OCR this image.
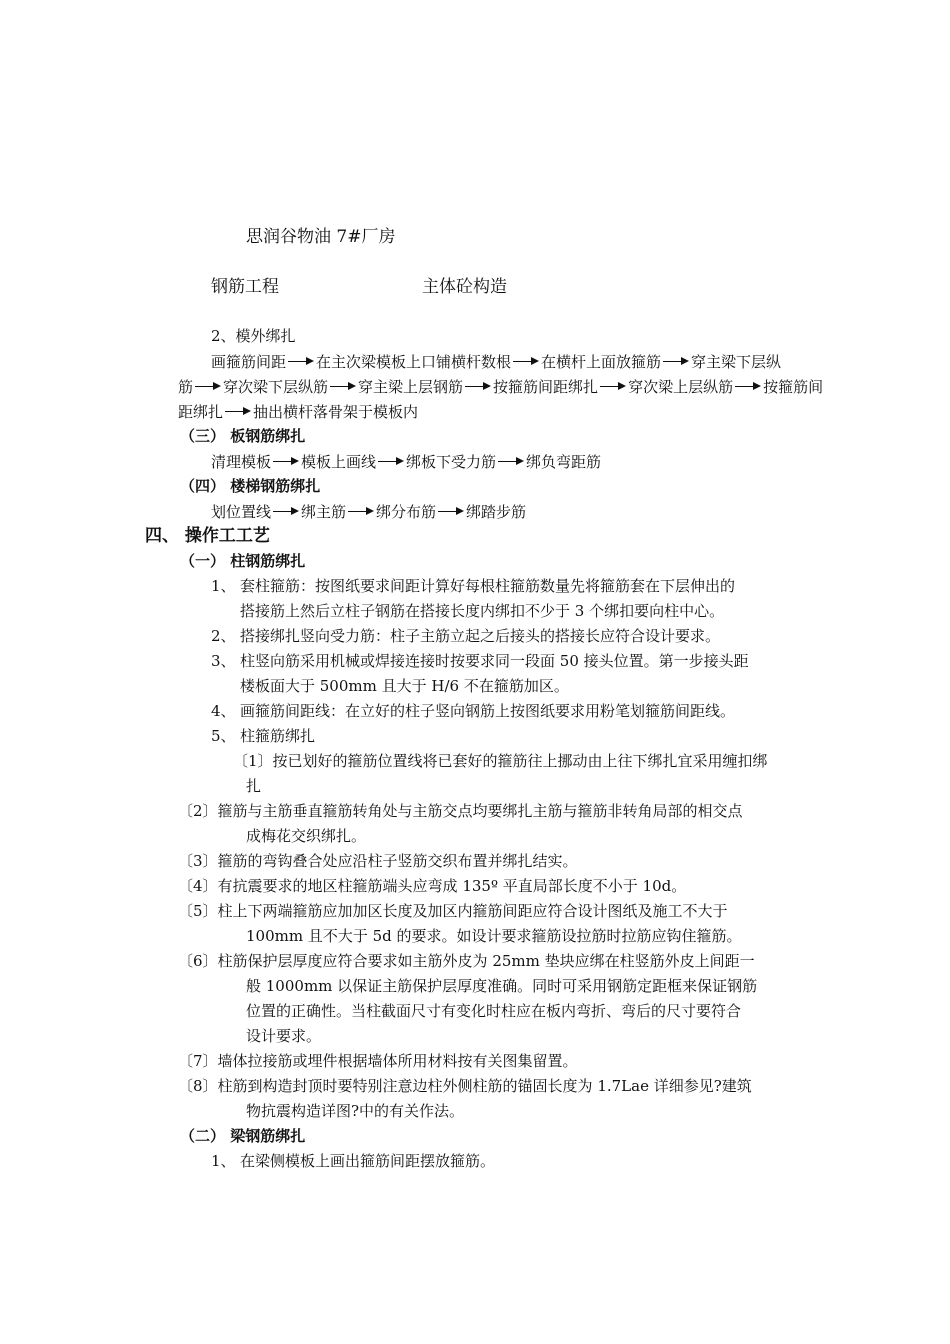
思润谷物油 7#厂房
钢筋工程	主体砼构造
2、模外绑扎
画箍筋间距 在主次梁模板上口铺横杆数根 在横杆上面放箍筋 穿主梁下层纵
筋 穿次梁下层纵筋 穿主梁上层钢筋 按箍筋间距绑扎 穿次梁上层纵筋 按箍筋间
距绑扎 抽出横杆落骨架于模板内
（三） 板钢筋绑扎
清理模板 模板上画线 绑板下受力筋 绑负弯距筋
（四） 楼梯钢筋绑扎
划位置线 绑主筋 绑分布筋 绑踏步筋
四、 操作工工艺
（一） 柱钢筋绑扎
1、 套柱箍筋：按图纸要求间距计算好每根柱箍筋数量先将箍筋套在下层伸出的
搭接筋上然后立柱子钢筋在搭接长度内绑扣不少于 3 个绑扣要向柱中心。
2、 搭接绑扎竖向受力筋：柱子主筋立起之后接头的搭接长应符合设计要求。
3、 柱竖向筋采用机械或焊接连接时按要求同一段面 50 接头位置。第一步接头距
楼板面大于 500mm 且大于 H/6 不在箍筋加区。
4、 画箍筋间距线：在立好的柱子竖向钢筋上按图纸要求用粉笔划箍筋间距线。
5、 柱箍筋绑扎
〔1〕按已划好的箍筋位置线将已套好的箍筋往上挪动由上往下绑扎宜采用缠扣绑
扎
〔2〕箍筋与主筋垂直箍筋转角处与主筋交点均要绑扎主筋与箍筋非转角局部的相交点
成梅花交织绑扎。
〔3〕箍筋的弯钩叠合处应沿柱子竖筋交织布置并绑扎结实。
〔4〕有抗震要求的地区柱箍筋端头应弯成 135º 平直局部长度不小于 10d。
〔5〕柱上下两端箍筋应加加区长度及加区内箍筋间距应符合设计图纸及施工不大于
100mm 且不大于 5d 的要求。如设计要求箍筋设拉筋时拉筋应钩住箍筋。
〔6〕柱筋保护层厚度应符合要求如主筋外皮为 25mm 垫块应绑在柱竖筋外皮上间距一
般 1000mm 以保证主筋保护层厚度准确。同时可采用钢筋定距框来保证钢筋
位置的正确性。当柱截面尺寸有变化时柱应在板内弯折、弯后的尺寸要符合
设计要求。
〔7〕墙体拉接筋或埋件根据墙体所用材料按有关图集留置。
〔8〕柱筋到构造封顶时要特别注意边柱外侧柱筋的锚固长度为 1.7Lae 详细参见?建筑
物抗震构造详图?中的有关作法。
（二） 梁钢筋绑扎
1、 在梁侧模板上画出箍筋间距摆放箍筋。
